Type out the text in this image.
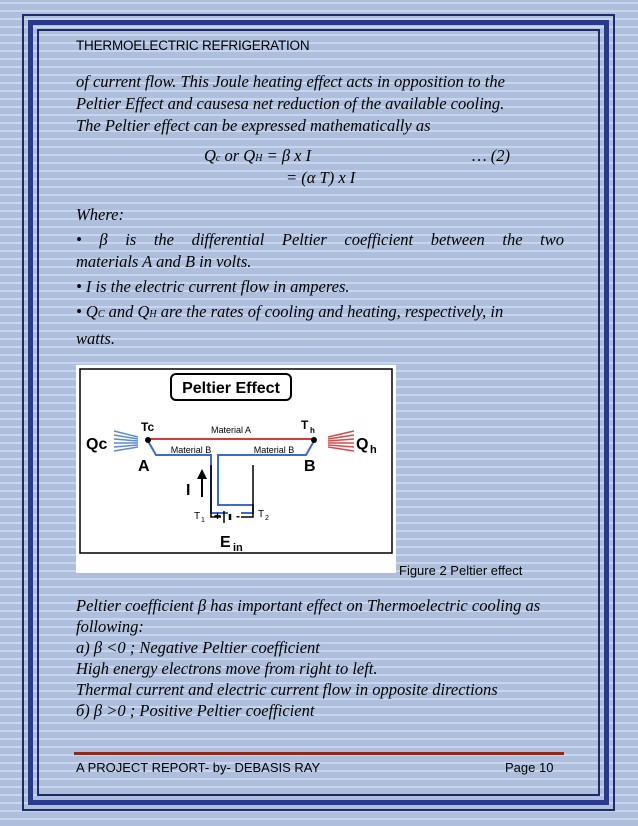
THERMOELECTRIC REFRIGERATION
of current flow. This Joule heating effect acts in opposition to the
Peltier Effect and causesa net reduction of the available cooling.
The Peltier effect can be expressed mathematically as
Qc or QH = β x I	… (2)
= (α T) x I
Where:
• β is the differential Peltier coefficient between the two
materials A and B in volts.
• I is the electric current flow in amperes.
• QC and QH are the rates of cooling and heating, respectively, in
watts.
Peltier Effect
Qc	Q h
Material A
Material B	Material B
+ -
I
A	B
Tc	T h
T 1
T 2
E in
Figure 2 Peltier effect
Peltier coefficient β has important effect on Thermoelectric cooling as
following:
a) β <0 ; Negative Peltier coefficient
High energy electrons move from right to left.
Thermal current and electric current flow in opposite directions
б) β >0 ; Positive Peltier coefficient
A PROJECT REPORT- by- DEBASIS RAY	Page 10
